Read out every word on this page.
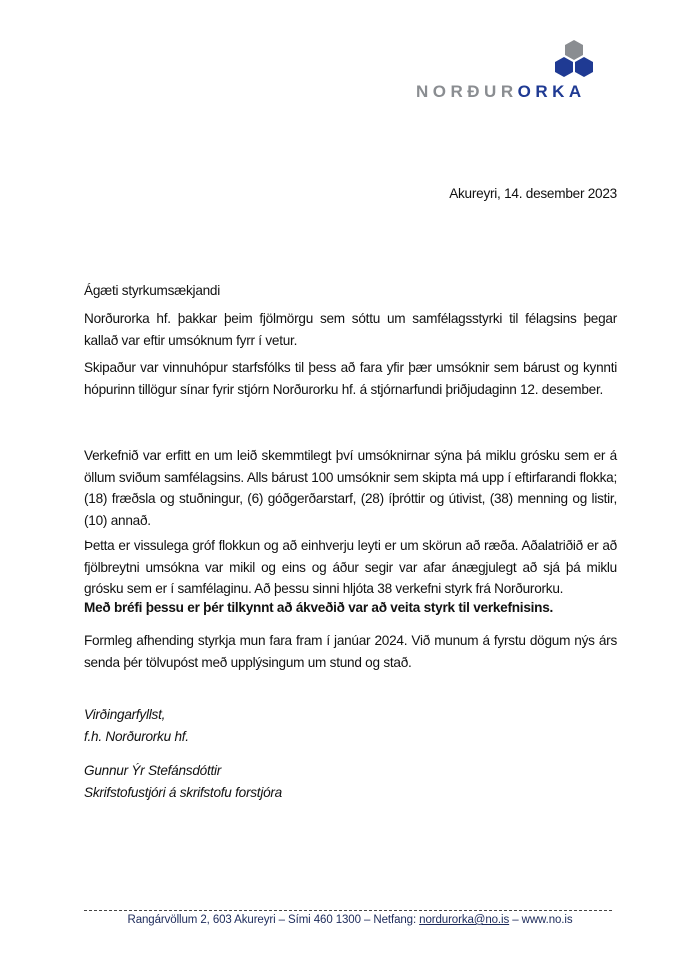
NORÐURORKA
Akureyri, 14. desember 2023

Ágæti styrkumsækjandi

Norðurorka hf. þakkar þeim fjölmörgu sem sóttu um samfélagsstyrki til félagsins þegar kallað var eftir umsóknum fyrr í vetur.

Skipaður var vinnuhópur starfsfólks til þess að fara yfir þær umsóknir sem bárust og kynnti hópurinn tillögur sínar fyrir stjórn Norðurorku hf. á stjórnarfundi þriðjudaginn 12. desember.

Verkefnið var erfitt en um leið skemmtilegt því umsóknirnar sýna þá miklu grósku sem er á öllum sviðum samfélagsins. Alls bárust 100 umsóknir sem skipta má upp í eftirfarandi flokka; (18) fræðsla og stuðningur, (6) góðgerðarstarf, (28) íþróttir og útivist, (38) menning og listir, (10) annað.

Þetta er vissulega gróf flokkun og að einhverju leyti er um skörun að ræða. Aðalatriðið er að fjölbreytni umsókna var mikil og eins og áður segir var afar ánægjulegt að sjá þá miklu grósku sem er í samfélaginu. Að þessu sinni hljóta 38 verkefni styrk frá Norðurorku.

Með bréfi þessu er þér tilkynnt að ákveðið var að veita styrk til verkefnisins.

Formleg afhending styrkja mun fara fram í janúar 2024. Við munum á fyrstu dögum nýs árs senda þér tölvupóst með upplýsingum um stund og stað.

Virðingarfyllst,

f.h. Norðurorku hf.

Gunnur Ýr Stefánsdóttir

Skrifstofustjóri á skrifstofu forstjóra

Rangárvöllum 2, 603 Akureyri – Sími 460 1300 – Netfang: nordurorka@no.is – www.no.is
